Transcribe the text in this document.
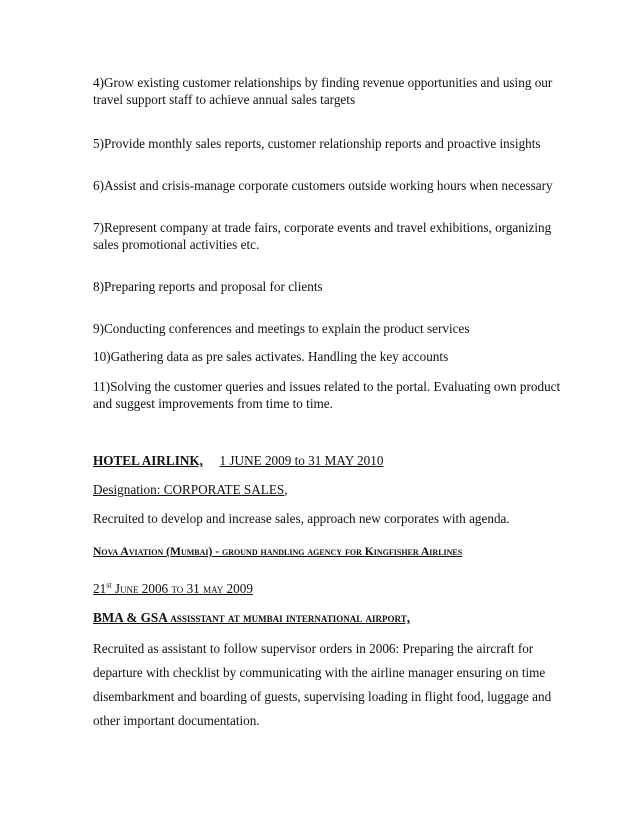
4)Grow existing customer relationships by finding revenue opportunities and using our
travel support staff to achieve annual sales targets
5)Provide monthly sales reports, customer relationship reports and proactive insights
6)Assist and crisis-manage corporate customers outside working hours when necessary
7)Represent company at trade fairs, corporate events and travel exhibitions, organizing
sales promotional activities etc.
8)Preparing reports and proposal for clients
9)Conducting conferences and meetings to explain the product services
10)Gathering data as pre sales activates. Handling the key accounts
11)Solving the customer queries and issues related to the portal. Evaluating own product
and suggest improvements from time to time.
HOTEL AIRLINK, 1 JUNE 2009 to 31 MAY 2010
Designation: CORPORATE SALES,
Recruited to develop and increase sales, approach new corporates with agenda.
Nova Aviation (Mumbai) - ground handling agency for Kingfisher Airlines
21st June 2006 to 31 may 2009
BMA & GSA assisstant at mumbai international airport,
Recruited as assistant to follow supervisor orders in 2006: Preparing the aircraft for
departure with checklist by communicating with the airline manager ensuring on time
disembarkment and boarding of guests, supervising loading in flight food, luggage and
other important documentation.
